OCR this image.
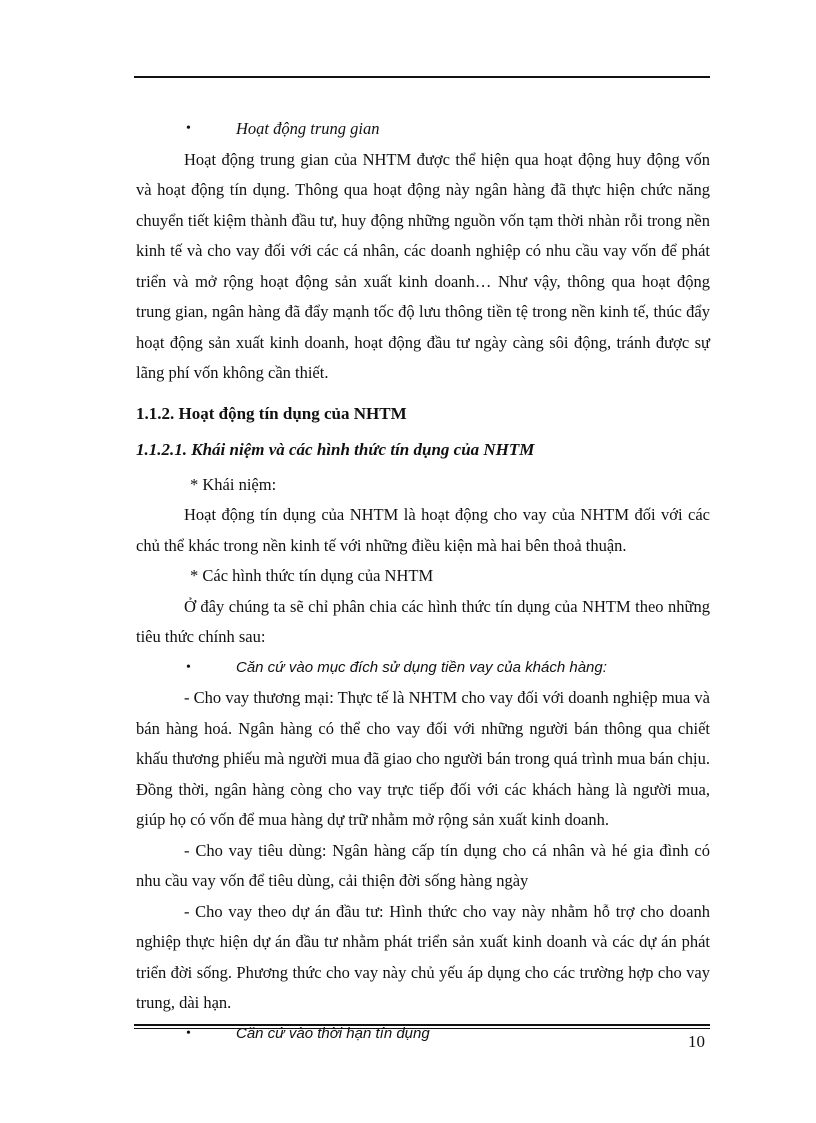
•	Hoạt động trung gian

Hoạt động trung gian của NHTM được thể hiện qua hoạt động huy động vốn và hoạt động tín dụng. Thông qua hoạt động này ngân hàng đã thực hiện chức năng chuyển tiết kiệm thành đầu tư, huy động những nguồn vốn tạm thời nhàn rỗi trong nền kinh tế và cho vay đối với các cá nhân, các doanh nghiệp có nhu cầu vay vốn để phát triển và mở rộng hoạt động sản xuất kinh doanh… Như vậy, thông qua hoạt động trung gian, ngân hàng đã đẩy mạnh tốc độ lưu thông tiền tệ trong nền kinh tế, thúc đẩy hoạt động sản xuất kinh doanh, hoạt động đầu tư ngày càng sôi động, tránh được sự lãng phí vốn không cần thiết.

1.1.2. Hoạt động tín dụng của NHTM
1.1.2.1. Khái niệm và các hình thức tín dụng của NHTM

* Khái niệm:

Hoạt động tín dụng của NHTM là hoạt động cho vay của NHTM đối với các chủ thể khác trong nền kinh tế với những điều kiện mà hai bên thoả thuận.

* Các hình thức tín dụng của NHTM

Ở đây chúng ta sẽ chỉ phân chia các hình thức tín dụng của NHTM theo những tiêu thức chính sau:

•	Căn cứ vào mục đích sử dụng tiền vay của khách hàng:

- Cho vay thương mại: Thực tế là NHTM cho vay đối với doanh nghiệp mua và bán hàng hoá. Ngân hàng có thể cho vay đối với những người bán thông qua chiết khấu thương phiếu mà người mua đã giao cho người bán trong quá trình mua bán chịu. Đồng thời, ngân hàng còng cho vay trực tiếp đối với các khách hàng là người mua, giúp họ có vốn để mua hàng dự trữ nhằm mở rộng sản xuất kinh doanh.

- Cho vay tiêu dùng: Ngân hàng cấp tín dụng cho cá nhân và hé gia đình có nhu cầu vay vốn để tiêu dùng, cải thiện đời sống hàng ngày

- Cho vay theo dự án đầu tư: Hình thức cho vay này nhằm hỗ trợ cho doanh nghiệp thực hiện dự án đầu tư nhằm phát triển sản xuất kinh doanh và các dự án phát triển đời sống. Phương thức cho vay này chủ yếu áp dụng cho các trường hợp cho vay trung, dài hạn.

•	Căn cứ vào thời hạn tín dụng	10
